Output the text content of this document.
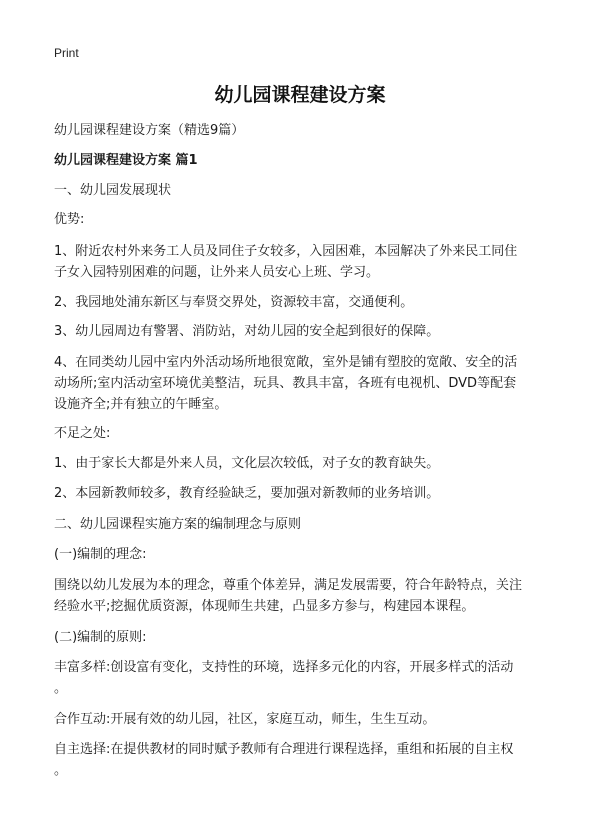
Print
幼儿园课程建设方案
幼儿园课程建设方案（精选9篇）
幼儿园课程建设方案 篇1
一、幼儿园发展现状
优势:
1、附近农村外来务工人员及同住子女较多，入园困难，本园解决了外来民工同住
子女入园特别困难的问题，让外来人员安心上班、学习。
2、我园地处浦东新区与奉贤交界处，资源较丰富，交通便利。
3、幼儿园周边有警署、消防站，对幼儿园的安全起到很好的保障。
4、在同类幼儿园中室内外活动场所地很宽敞，室外是铺有塑胶的宽敞、安全的活
动场所;室内活动室环境优美整洁，玩具、教具丰富，各班有电视机、DVD等配套
设施齐全;并有独立的午睡室。
不足之处:
1、由于家长大都是外来人员，文化层次较低，对子女的教育缺失。
2、本园新教师较多，教育经验缺乏，要加强对新教师的业务培训。
二、幼儿园课程实施方案的编制理念与原则
(一)编制的理念:
围绕以幼儿发展为本的理念，尊重个体差异，满足发展需要，符合年龄特点，关注
经验水平;挖掘优质资源，体现师生共建，凸显多方参与，构建园本课程。
(二)编制的原则:
丰富多样:创设富有变化，支持性的环境，选择多元化的内容，开展多样式的活动
。
合作互动:开展有效的幼儿园，社区，家庭互动，师生，生生互动。
自主选择:在提供教材的同时赋予教师有合理进行课程选择，重组和拓展的自主权
。
